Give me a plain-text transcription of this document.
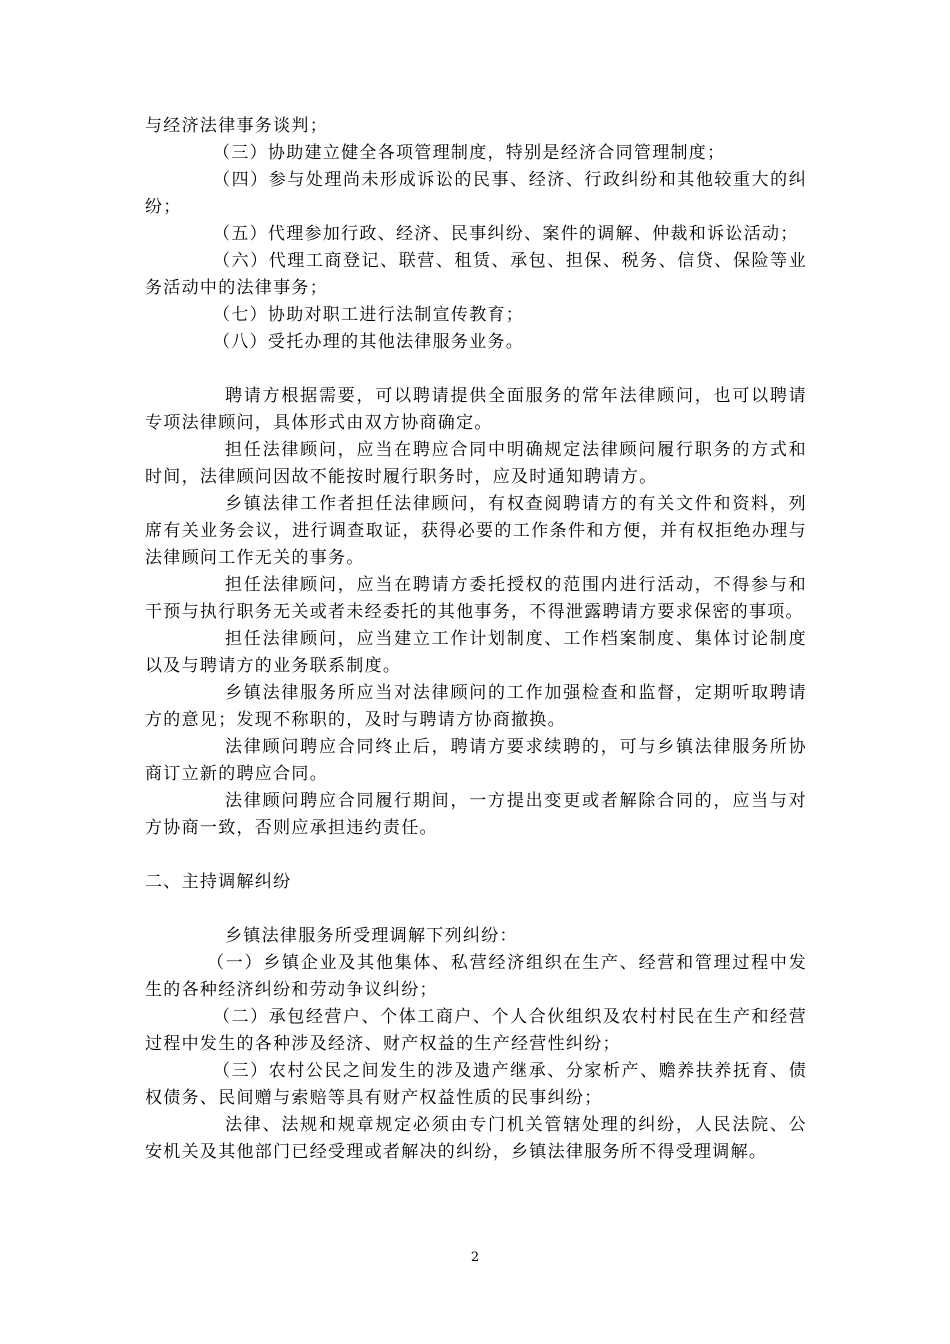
与经济法律事务谈判；

（三）协助建立健全各项管理制度，特别是经济合同管理制度；

（四）参与处理尚未形成诉讼的民事、经济、行政纠纷和其他较重大的纠纷；

（五）代理参加行政、经济、民事纠纷、案件的调解、仲裁和诉讼活动；

（六）代理工商登记、联营、租赁、承包、担保、税务、信贷、保险等业务活动中的法律事务；

（七）协助对职工进行法制宣传教育；

（八）受托办理的其他法律服务业务。

聘请方根据需要，可以聘请提供全面服务的常年法律顾问，也可以聘请专项法律顾问，具体形式由双方协商确定。

担任法律顾问，应当在聘应合同中明确规定法律顾问履行职务的方式和时间，法律顾问因故不能按时履行职务时，应及时通知聘请方。

乡镇法律工作者担任法律顾问，有权查阅聘请方的有关文件和资料，列席有关业务会议，进行调查取证，获得必要的工作条件和方便，并有权拒绝办理与法律顾问工作无关的事务。

担任法律顾问，应当在聘请方委托授权的范围内进行活动，不得参与和干预与执行职务无关或者未经委托的其他事务，不得泄露聘请方要求保密的事项。

担任法律顾问，应当建立工作计划制度、工作档案制度、集体讨论制度以及与聘请方的业务联系制度。

乡镇法律服务所应当对法律顾问的工作加强检查和监督，定期听取聘请方的意见；发现不称职的，及时与聘请方协商撤换。

法律顾问聘应合同终止后，聘请方要求续聘的，可与乡镇法律服务所协商订立新的聘应合同。

法律顾问聘应合同履行期间，一方提出变更或者解除合同的，应当与对方协商一致，否则应承担违约责任。

二、主持调解纠纷

乡镇法律服务所受理调解下列纠纷：

（一）乡镇企业及其他集体、私营经济组织在生产、经营和管理过程中发生的各种经济纠纷和劳动争议纠纷；

（二）承包经营户、个体工商户、个人合伙组织及农村村民在生产和经营过程中发生的各种涉及经济、财产权益的生产经营性纠纷；

（三）农村公民之间发生的涉及遗产继承、分家析产、赡养扶养抚育、债权债务、民间赠与索赔等具有财产权益性质的民事纠纷；

法律、法规和规章规定必须由专门机关管辖处理的纠纷，人民法院、公安机关及其他部门已经受理或者解决的纠纷，乡镇法律服务所不得受理调解。

2
